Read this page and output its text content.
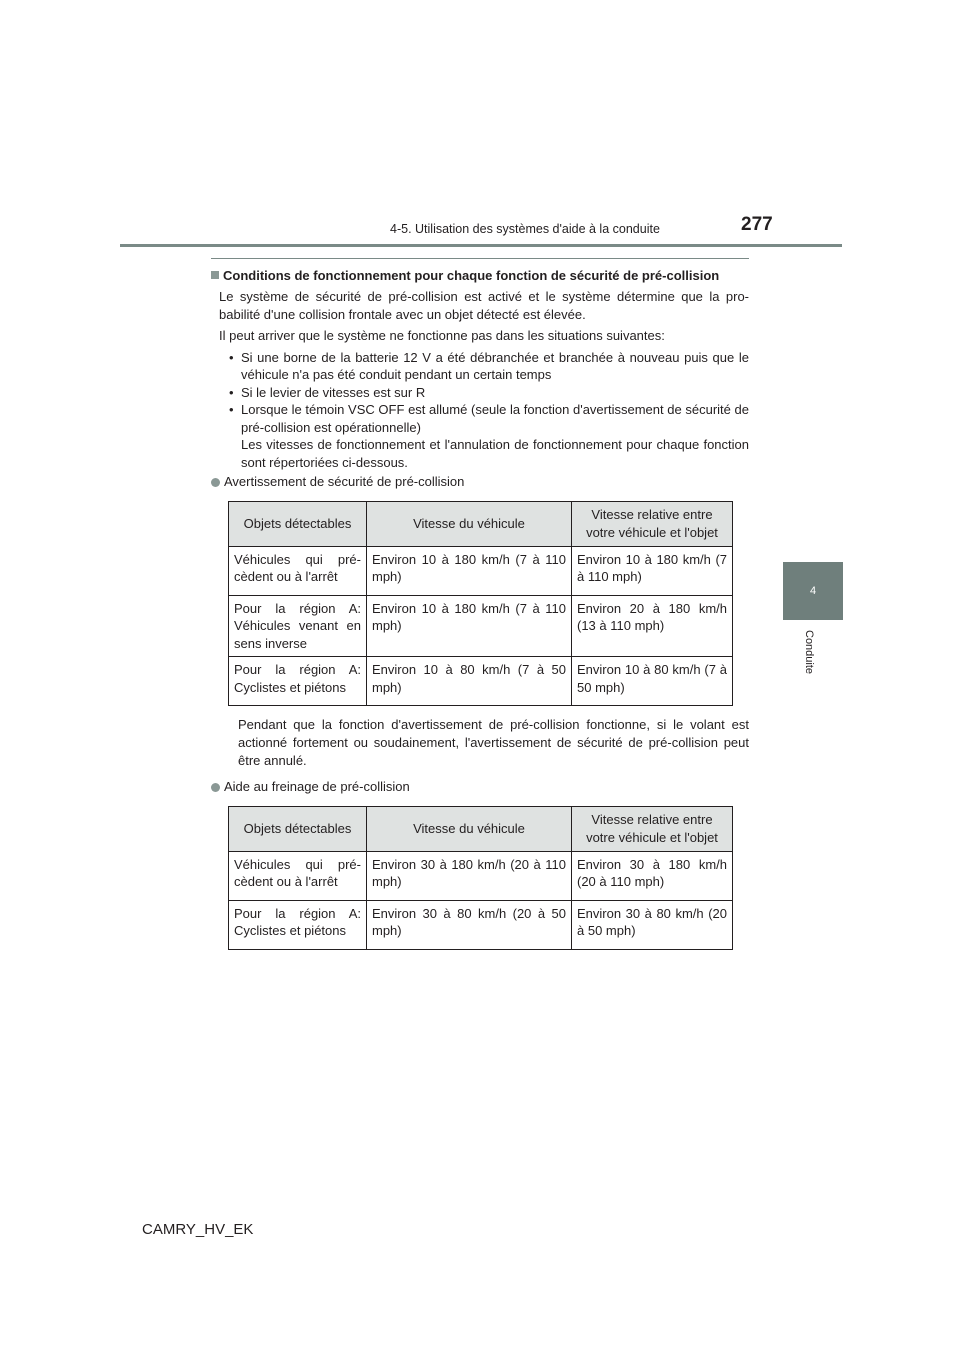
4-5. Utilisation des systèmes d'aide à la conduite	277
4
Conduite
Conditions de fonctionnement pour chaque fonction de sécurité de pré-collision

Le système de sécurité de pré-collision est activé et le système détermine que la pro-babilité d'une collision frontale avec un objet détecté est élevée.

Il peut arriver que le système ne fonctionne pas dans les situations suivantes:

• Si une borne de la batterie 12 V a été débranchée et branchée à nouveau puis que le véhicule n'a pas été conduit pendant un certain temps
• Si le levier de vitesses est sur R
• Lorsque le témoin VSC OFF est allumé (seule la fonction d'avertissement de sécurité de pré-collision est opérationnelle)
Les vitesses de fonctionnement et l'annulation de fonctionnement pour chaque fonction sont répertoriées ci-dessous.
Avertissement de sécurité de pré-collision
Objets détectables	Vitesse du véhicule	Vitesse relative entre votre véhicule et l'objet
Véhicules qui pré-cèdent ou à l'arrêt	Environ 10 à 180 km/h (7 à 110 mph)	Environ 10 à 180 km/h (7 à 110 mph)
Pour la région A: Véhicules venant en sens inverse	Environ 10 à 180 km/h (7 à 110 mph)	Environ 20 à 180 km/h (13 à 110 mph)
Pour la région A: Cyclistes et piétons	Environ 10 à 80 km/h (7 à 50 mph)	Environ 10 à 80 km/h (7 à 50 mph)
Pendant que la fonction d'avertissement de pré-collision fonctionne, si le volant est actionné fortement ou soudainement, l'avertissement de sécurité de pré-collision peut être annulé.
Aide au freinage de pré-collision
Objets détectables	Vitesse du véhicule	Vitesse relative entre votre véhicule et l'objet
Véhicules qui pré-cèdent ou à l'arrêt	Environ 30 à 180 km/h (20 à 110 mph)	Environ 30 à 180 km/h (20 à 110 mph)
Pour la région A: Cyclistes et piétons	Environ 30 à 80 km/h (20 à 50 mph)	Environ 30 à 80 km/h (20 à 50 mph)
CAMRY_HV_EK
